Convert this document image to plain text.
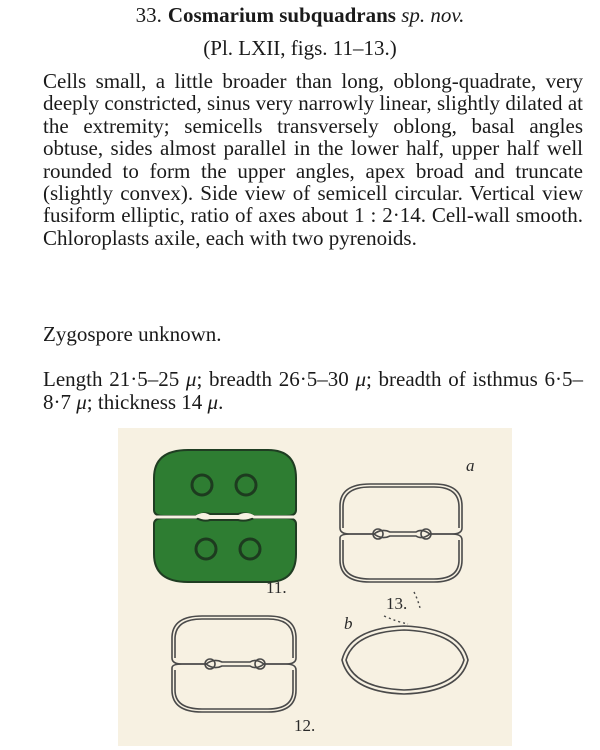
33. Cosmarium subquadrans sp. nov.
(Pl. LXII, figs. 11–13.)

Cells small, a little broader than long, oblong-quadrate, very deeply constricted, sinus very narrowly linear, slightly dilated at the extremity; semicells transversely oblong, basal angles obtuse, sides almost parallel in the lower half, upper half well rounded to form the upper angles, apex broad and truncate (slightly convex). Side view of semicell circular. Vertical view fusiform elliptic, ratio of axes about 1 : 2·14. Cell-wall smooth. Chloroplasts axile, each with two pyrenoids.

Zygospore unknown.
Length 21·5–25 μ; breadth 26·5–30 μ; breadth of isthmus 6·5–8·7 μ; thickness 14 μ.
11.
a
13.
b
12.
